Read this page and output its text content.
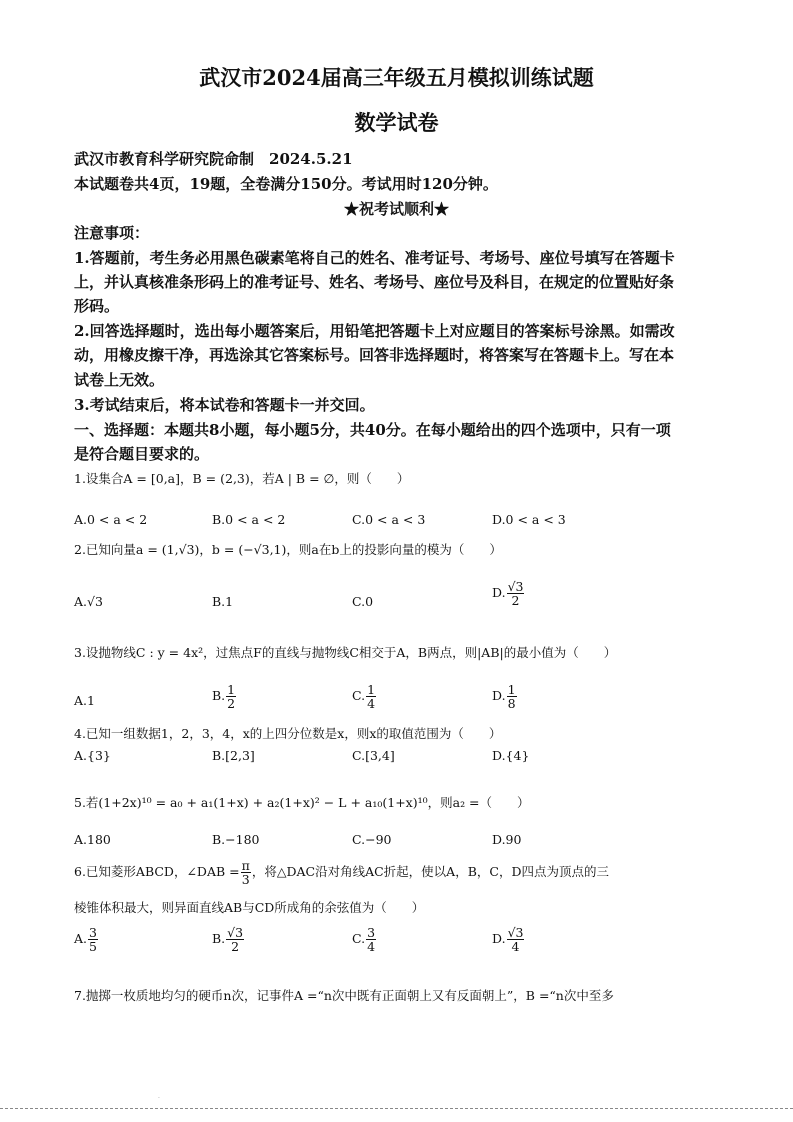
武汉市2024届高三年级五月模拟训练试题
数学试卷
武汉市教育科学研究院命制　2024.5.21
本试题卷共4页，19题，全卷满分150分。考试用时120分钟。
★祝考试顺利★
注意事项：
1.答题前，考生务必用黑色碳素笔将自己的姓名、准考证号、考场号、座位号填写在答题卡
上，并认真核准条形码上的准考证号、姓名、考场号、座位号及科目，在规定的位置贴好条
形码。
2.回答选择题时，选出每小题答案后，用铅笔把答题卡上对应题目的答案标号涂黑。如需改
动，用橡皮擦干净，再选涂其它答案标号。回答非选择题时，将答案写在答题卡上。写在本
试卷上无效。
3.考试结束后，将本试卷和答题卡一并交回。
一、选择题：本题共8小题，每小题5分，共40分。在每小题给出的四个选项中，只有一项
是符合题目要求的。
1.设集合A = [0,a]，B = (2,3)，若A | B = ∅，则（　　）
A.0 < a < 2	B.0 < a < 2	C.0 < a < 3	D.0 < a < 3
2.已知向量a = (1,√3)，b = (−√3,1)，则a在b上的投影向量的模为（　　）
A.√3	B.1	C.0
D. $\frac{√3}{2}$
3.设抛物线C : y = 4x²，过焦点F的直线与抛物线C相交于A，B两点，则|AB|的最小值为（　　）
A.1	B. $\frac{1}{2}$	C. $\frac{1}{4}$	D. $\frac{1}{8}$
4.已知一组数据1，2，3，4，x的上四分位数是x，则x的取值范围为（　　）
A.{3}	B.[2,3]	C.[3,4]	D.{4}
5.若(1+2x)¹⁰ = a₀ + a₁(1+x) + a₂(1+x)² − L + a₁₀(1+x)¹⁰，则a₂ =（　　）
A.180	B.−180	C.−90	D.90
6.已知菱形ABCD，∠DAB = $\frac{\pi}{3}$ ，将△DAC沿对角线AC折起，使以A，B，C，D四点为顶点的三
棱锥体积最大，则异面直线AB与CD所成角的余弦值为（　　）
A. $\frac{3}{5}$	B. $\frac{√3}{2}$	C. $\frac{3}{4}$	D. $\frac{√3}{4}$
7.抛掷一枚质地均匀的硬币n次，记事件A =“n次中既有正面朝上又有反面朝上”，B =“n次中至多
·
